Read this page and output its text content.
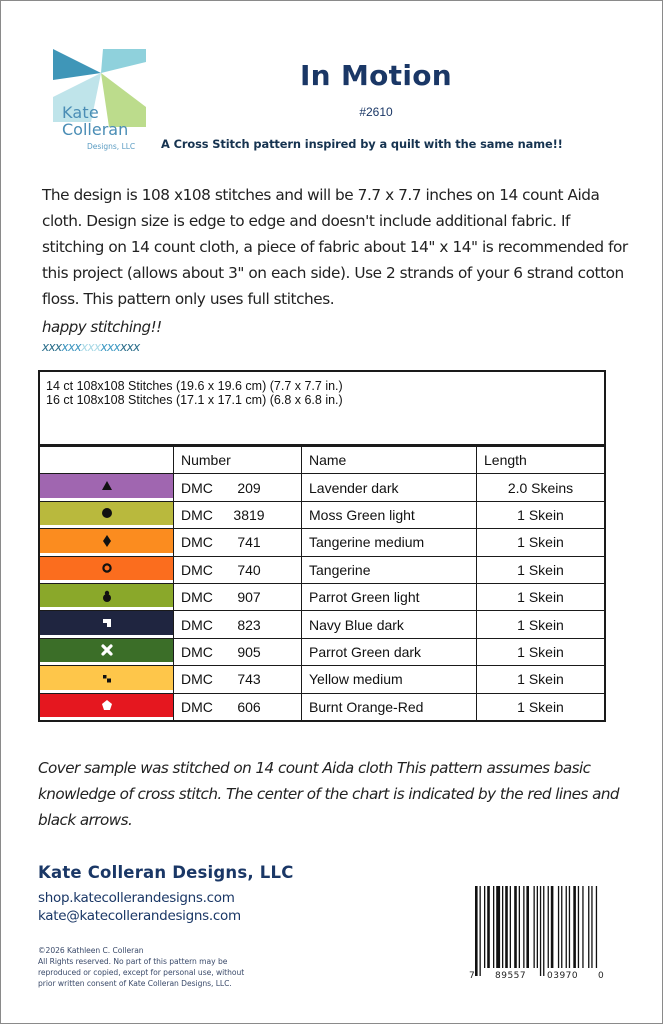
Kate
Colleran
Designs, LLC
In Motion
#2610
A Cross Stitch pattern inspired by a quilt with the same name!!
The design is 108 x108 stitches and will be 7.7 x 7.7 inches on 14 count Aida cloth. Design size is edge to edge and doesn't include additional fabric. If stitching on 14 count cloth, a piece of fabric about 14" x 14" is recommended for this project (allows about 3" on each side). Use 2 strands of your 6 strand cotton floss. This pattern only uses full stitches.
happy stitching!!
xxxxxxxxxxxxxxx
14 ct 108x108 Stitches (19.6 x 19.6 cm) (7.7 x 7.7 in.)
16 ct 108x108 Stitches (17.1 x 17.1 cm) (6.8 x 6.8 in.)
	Number	Name	Length

	DMC 209	Lavender dark	2.0 Skeins

	DMC 3819	Moss Green light	1 Skein

	DMC 741	Tangerine medium	1 Skein

	DMC 740	Tangerine	1 Skein

	DMC 907	Parrot Green light	1 Skein

	DMC 823	Navy Blue dark	1 Skein

	DMC 905	Parrot Green dark	1 Skein

	DMC 743	Yellow medium	1 Skein

	DMC 606	Burnt Orange-Red	1 Skein
Cover sample was stitched on 14 count Aida cloth This pattern assumes basic knowledge of cross stitch. The center of the chart is indicated by the red lines and black arrows.
Kate Colleran Designs, LLC
shop.katecollerandesigns.com
kate@katecollerandesigns.com
©2026 Kathleen C. Colleran
All Rights reserved. No part of this pattern may be
reproduced or copied, except for personal use, without
prior written consent of Kate Colleran Designs, LLC.
7 89557 03970 0
